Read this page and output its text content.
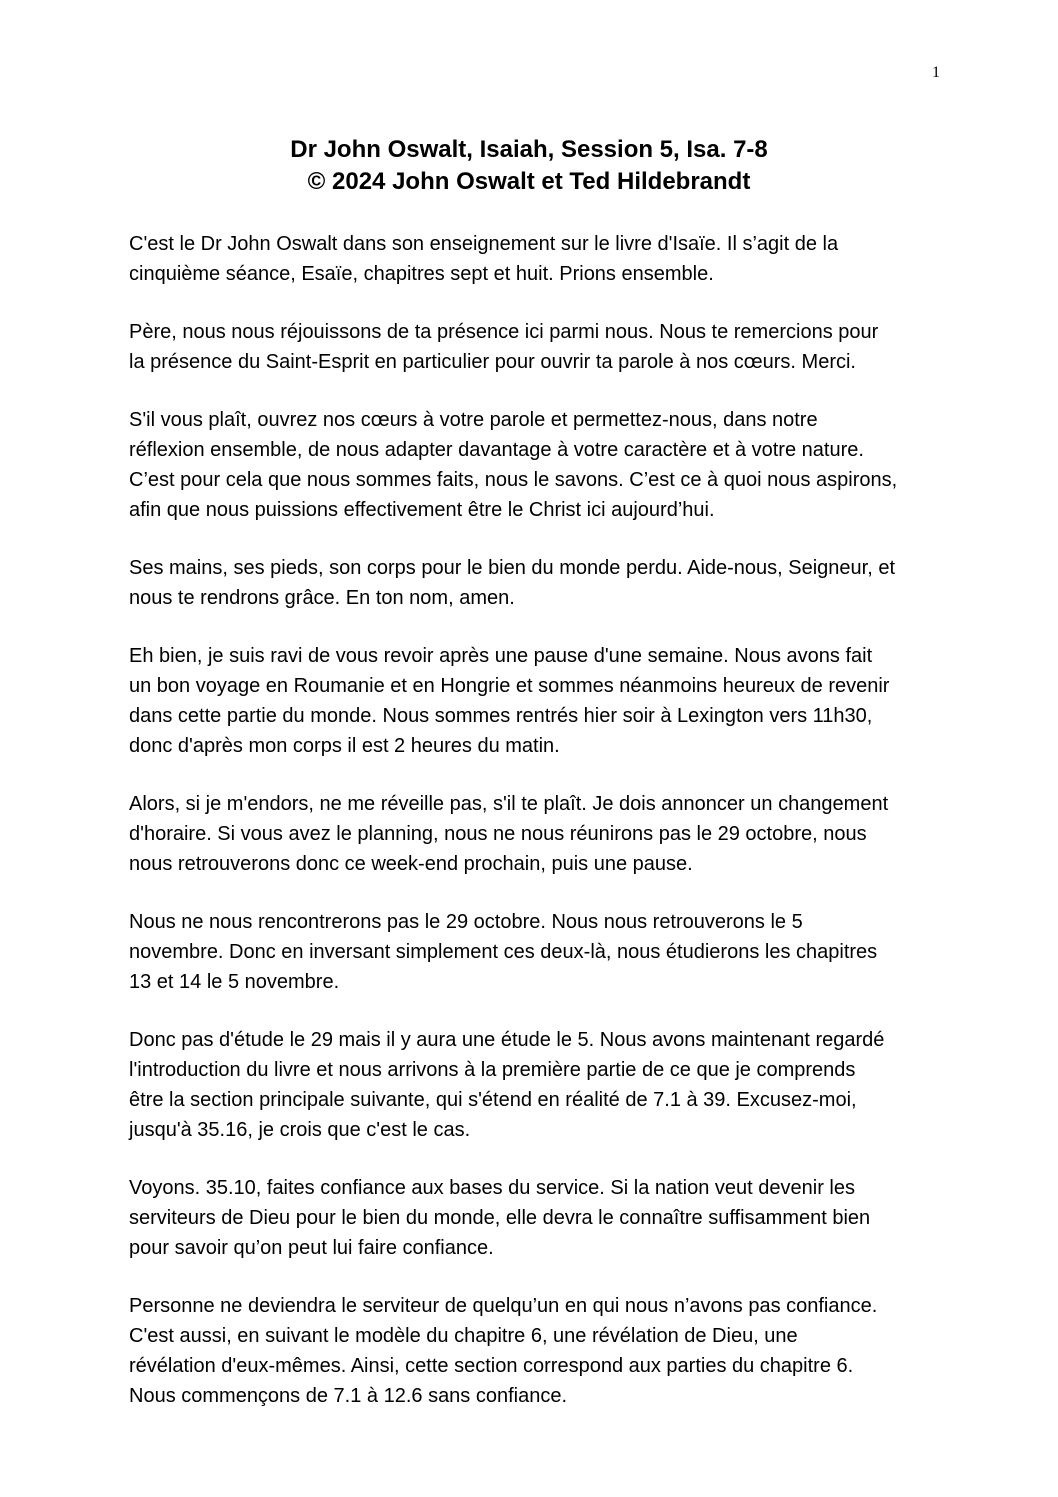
1
Dr John Oswalt, Isaiah, Session 5, Isa. 7-8
© 2024 John Oswalt et Ted Hildebrandt

C'est le Dr John Oswalt dans son enseignement sur le livre d'Isaïe. Il s’agit de la
cinquième séance, Esaïe, chapitres sept et huit. Prions ensemble.

Père, nous nous réjouissons de ta présence ici parmi nous. Nous te remercions pour
la présence du Saint-Esprit en particulier pour ouvrir ta parole à nos cœurs. Merci.

S'il vous plaît, ouvrez nos cœurs à votre parole et permettez-nous, dans notre
réflexion ensemble, de nous adapter davantage à votre caractère et à votre nature.
C’est pour cela que nous sommes faits, nous le savons. C’est ce à quoi nous aspirons,
afin que nous puissions effectivement être le Christ ici aujourd’hui.

Ses mains, ses pieds, son corps pour le bien du monde perdu. Aide-nous, Seigneur, et
nous te rendrons grâce. En ton nom, amen.

Eh bien, je suis ravi de vous revoir après une pause d'une semaine. Nous avons fait
un bon voyage en Roumanie et en Hongrie et sommes néanmoins heureux de revenir
dans cette partie du monde. Nous sommes rentrés hier soir à Lexington vers 11h30,
donc d'après mon corps il est 2 heures du matin.

Alors, si je m'endors, ne me réveille pas, s'il te plaît. Je dois annoncer un changement
d'horaire. Si vous avez le planning, nous ne nous réunirons pas le 29 octobre, nous
nous retrouverons donc ce week-end prochain, puis une pause.

Nous ne nous rencontrerons pas le 29 octobre. Nous nous retrouverons le 5
novembre. Donc en inversant simplement ces deux-là, nous étudierons les chapitres
13 et 14 le 5 novembre.

Donc pas d'étude le 29 mais il y aura une étude le 5. Nous avons maintenant regardé
l'introduction du livre et nous arrivons à la première partie de ce que je comprends
être la section principale suivante, qui s'étend en réalité de 7.1 à 39. Excusez-moi,
jusqu'à 35.16, je crois que c'est le cas.

Voyons. 35.10, faites confiance aux bases du service. Si la nation veut devenir les
serviteurs de Dieu pour le bien du monde, elle devra le connaître suffisamment bien
pour savoir qu’on peut lui faire confiance.

Personne ne deviendra le serviteur de quelqu’un en qui nous n’avons pas confiance.
C'est aussi, en suivant le modèle du chapitre 6, une révélation de Dieu, une
révélation d'eux-mêmes. Ainsi, cette section correspond aux parties du chapitre 6.
Nous commençons de 7.1 à 12.6 sans confiance.
